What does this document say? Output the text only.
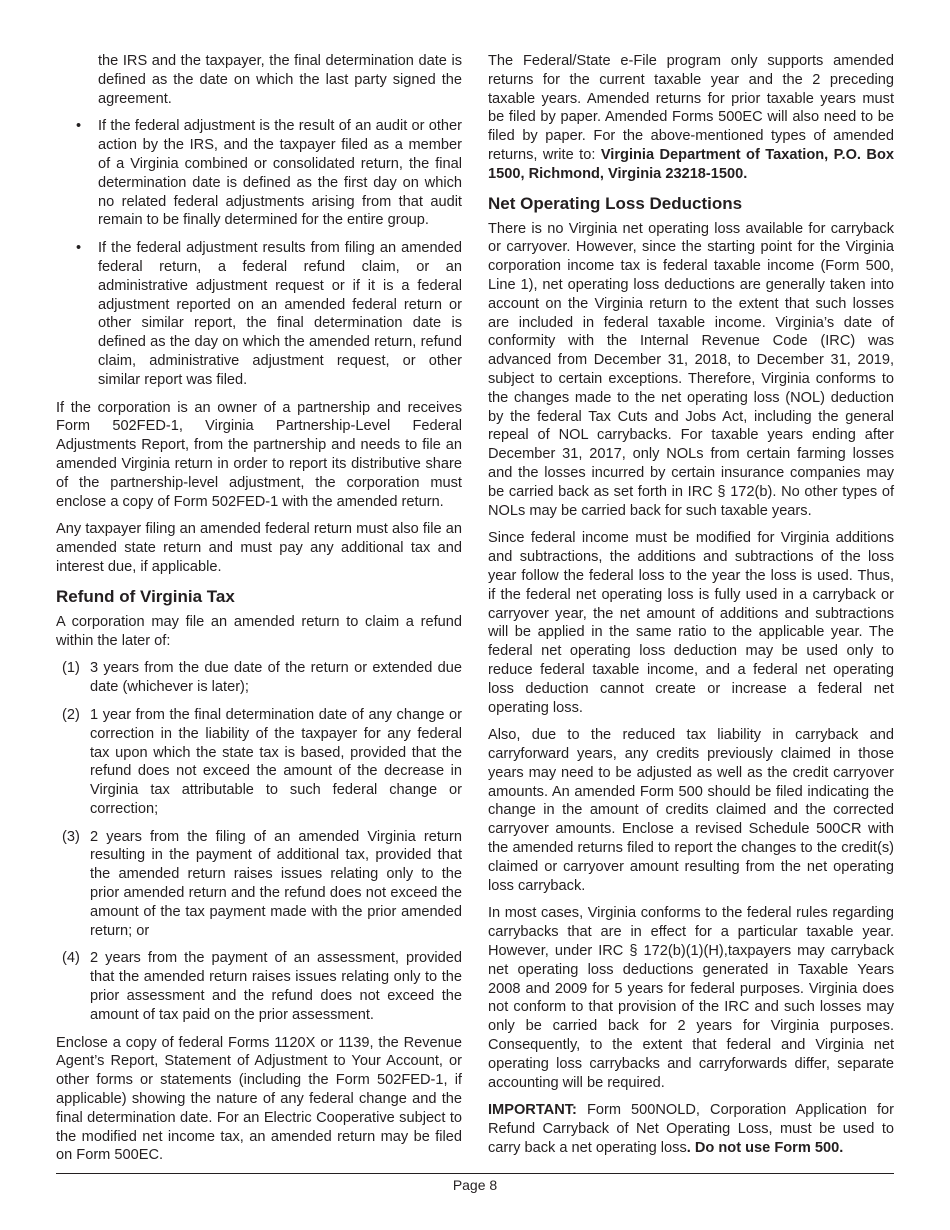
the IRS and the taxpayer, the final determination date is defined as the date on which the last party signed the agreement.

• If the federal adjustment is the result of an audit or other action by the IRS, and the taxpayer filed as a member of a Virginia combined or consolidated return, the final determination date is defined as the first day on which no related federal adjustments arising from that audit remain to be finally determined for the entire group.
• If the federal adjustment results from filing an amended federal return, a federal refund claim, or an administrative adjustment request or if it is a federal adjustment reported on an amended federal return or other similar report, the final determination date is defined as the day on which the amended return, refund claim, administrative adjustment request, or other similar report was filed.

If the corporation is an owner of a partnership and receives Form 502FED-1, Virginia Partnership-Level Federal Adjustments Report, from the partnership and needs to file an amended Virginia return in order to report its distributive share of the partnership-level adjustment, the corporation must enclose a copy of Form 502FED-1 with the amended return.

Any taxpayer filing an amended federal return must also file an amended state return and must pay any additional tax and interest due, if applicable.

Refund of Virginia Tax

A corporation may file an amended return to claim a refund within the later of:

(1) 3 years from the due date of the return or extended due date (whichever is later);
(2) 1 year from the final determination date of any change or correction in the liability of the taxpayer for any federal tax upon which the state tax is based, provided that the refund does not exceed the amount of the decrease in Virginia tax attributable to such federal change or correction;
(3) 2 years from the filing of an amended Virginia return resulting in the payment of additional tax, provided that the amended return raises issues relating only to the prior amended return and the refund does not exceed the amount of the tax payment made with the prior amended return; or
(4) 2 years from the payment of an assessment, provided that the amended return raises issues relating only to the prior assessment and the refund does not exceed the amount of tax paid on the prior assessment.

Enclose a copy of federal Forms 1120X or 1139, the Revenue Agent’s Report, Statement of Adjustment to Your Account, or other forms or statements (including the Form 502FED-1, if applicable) showing the nature of any federal change and the final determination date. For an Electric Cooperative subject to the modified net income tax, an amended return may be filed on Form 500EC.

The Federal/State e-File program only supports amended returns for the current taxable year and the 2 preceding taxable years. Amended returns for prior taxable years must be filed by paper. Amended Forms 500EC will also need to be filed by paper. For the above-mentioned types of amended returns, write to: Virginia Department of Taxation, P.O. Box 1500, Richmond, Virginia 23218-1500.

Net Operating Loss Deductions

There is no Virginia net operating loss available for carryback or carryover. However, since the starting point for the Virginia corporation income tax is federal taxable income (Form 500, Line 1), net operating loss deductions are generally taken into account on the Virginia return to the extent that such losses are included in federal taxable income. Virginia’s date of conformity with the Internal Revenue Code (IRC) was advanced from December 31, 2018, to December 31, 2019, subject to certain exceptions. Therefore, Virginia conforms to the changes made to the net operating loss (NOL) deduction by the federal Tax Cuts and Jobs Act, including the general repeal of NOL carrybacks. For taxable years ending after December 31, 2017, only NOLs from certain farming losses and the losses incurred by certain insurance companies may be carried back as set forth in IRC § 172(b). No other types of NOLs may be carried back for such taxable years.

Since federal income must be modified for Virginia additions and subtractions, the additions and subtractions of the loss year follow the federal loss to the year the loss is used. Thus, if the federal net operating loss is fully used in a carryback or carryover year, the net amount of additions and subtractions will be applied in the same ratio to the applicable year. The federal net operating loss deduction may be used only to reduce federal taxable income, and a federal net operating loss deduction cannot create or increase a federal net operating loss.

Also, due to the reduced tax liability in carryback and carryforward years, any credits previously claimed in those years may need to be adjusted as well as the credit carryover amounts. An amended Form 500 should be filed indicating the change in the amount of credits claimed and the corrected carryover amounts. Enclose a revised Schedule 500CR with the amended returns filed to report the changes to the credit(s) claimed or carryover amount resulting from the net operating loss carryback.

In most cases, Virginia conforms to the federal rules regarding carrybacks that are in effect for a particular taxable year. However, under IRC § 172(b)(1)(H),taxpayers may carryback net operating loss deductions generated in Taxable Years 2008 and 2009 for 5 years for federal purposes. Virginia does not conform to that provision of the IRC and such losses may only be carried back for 2 years for Virginia purposes. Consequently, to the extent that federal and Virginia net operating loss carrybacks and carryforwards differ, separate accounting will be required.

IMPORTANT: Form 500NOLD, Corporation Application for Refund Carryback of Net Operating Loss, must be used to carry back a net operating loss. Do not use Form 500.

Page 8
